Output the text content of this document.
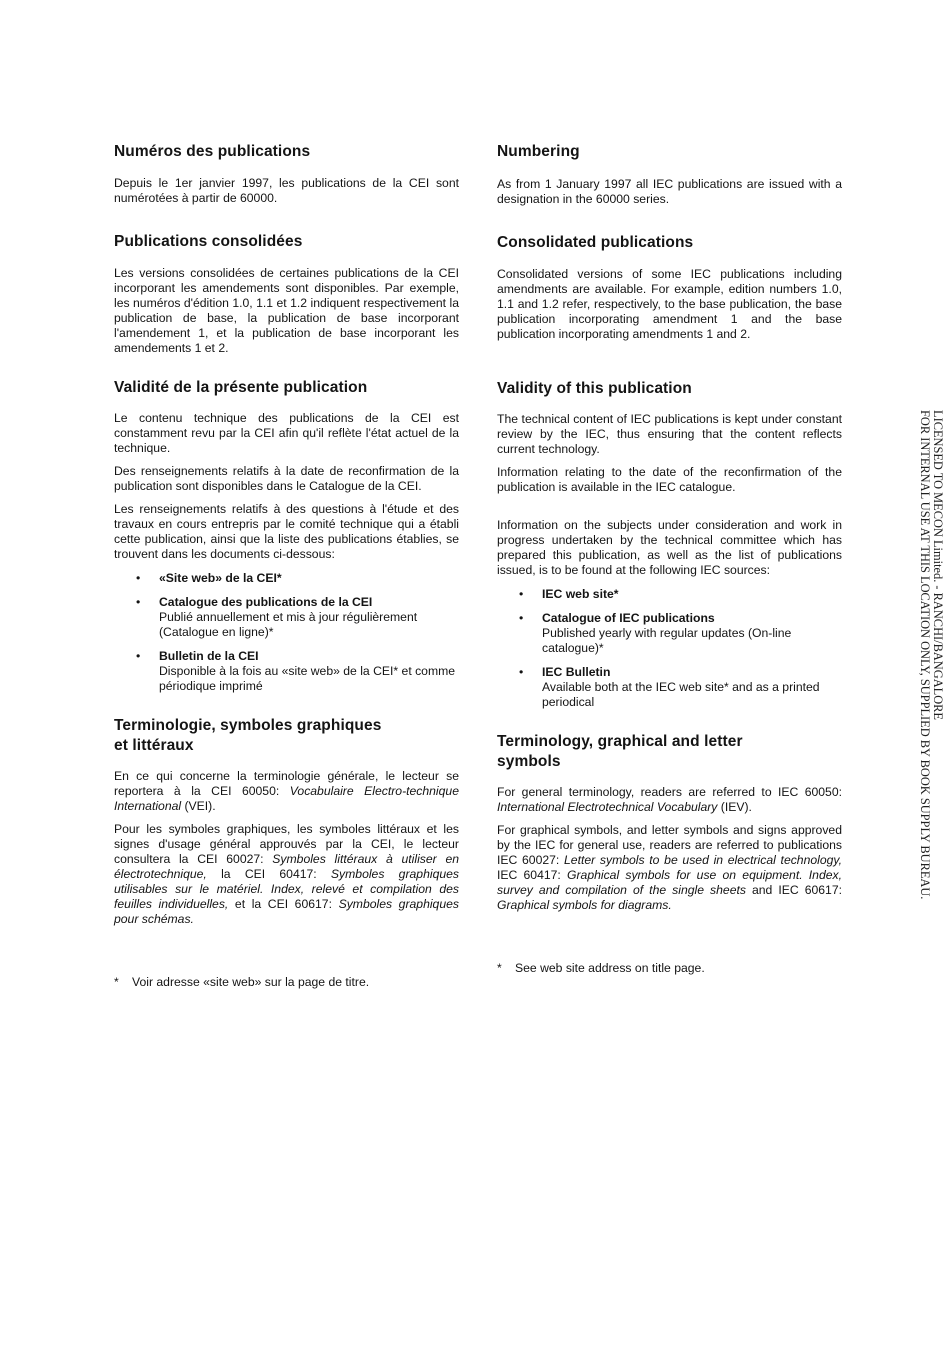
Numéros des publications

Depuis le 1er janvier 1997, les publications de la CEI sont numérotées à partir de 60000.

Publications consolidées

Les versions consolidées de certaines publications de la CEI incorporant les amendements sont disponibles. Par exemple, les numéros d'édition 1.0, 1.1 et 1.2 indiquent respectivement la publication de base, la publication de base incorporant l'amendement 1, et la publication de base incorporant les amendements 1 et 2.

Validité de la présente publication

Le contenu technique des publications de la CEI est constamment revu par la CEI afin qu'il reflète l'état actuel de la technique.

Des renseignements relatifs à la date de reconfirmation de la publication sont disponibles dans le Catalogue de la CEI.

Les renseignements relatifs à des questions à l'étude et des travaux en cours entrepris par le comité technique qui a établi cette publication, ainsi que la liste des publications établies, se trouvent dans les documents ci-dessous:

• «Site web» de la CEI*
• Catalogue des publications de la CEI
Publié annuellement et mis à jour régulièrement (Catalogue en ligne)*
• Bulletin de la CEI
Disponible à la fois au «site web» de la CEI* et comme périodique imprimé
Terminologie, symboles graphiques
et littéraux

En ce qui concerne la terminologie générale, le lecteur se reportera à la CEI 60050: Vocabulaire Electro-technique International (VEI).

Pour les symboles graphiques, les symboles littéraux et les signes d'usage général approuvés par la CEI, le lecteur consultera la CEI 60027: Symboles littéraux à utiliser en électrotechnique, la CEI 60417: Symboles graphiques utilisables sur le matériel. Index, relevé et compilation des feuilles individuelles, et la CEI 60617: Symboles graphiques pour schémas.

* Voir adresse «site web» sur la page de titre.
Numbering

As from 1 January 1997 all IEC publications are issued with a designation in the 60000 series.

Consolidated publications

Consolidated versions of some IEC publications including amendments are available. For example, edition numbers 1.0, 1.1 and 1.2 refer, respectively, to the base publication, the base publication incorporating amendment 1 and the base publication incorporating amendments 1 and 2.

Validity of this publication

The technical content of IEC publications is kept under constant review by the IEC, thus ensuring that the content reflects current technology.

Information relating to the date of the reconfirmation of the publication is available in the IEC catalogue.

Information on the subjects under consideration and work in progress undertaken by the technical committee which has prepared this publication, as well as the list of publications issued, is to be found at the following IEC sources:

• IEC web site*
• Catalogue of IEC publications
Published yearly with regular updates (On-line catalogue)*
• IEC Bulletin
Available both at the IEC web site* and as a printed periodical
Terminology, graphical and letter
symbols

For general terminology, readers are referred to IEC 60050: International Electrotechnical Vocabulary (IEV).

For graphical symbols, and letter symbols and signs approved by the IEC for general use, readers are referred to publications IEC 60027: Letter symbols to be used in electrical technology, IEC 60417: Graphical symbols for use on equipment. Index, survey and compilation of the single sheets and IEC 60617: Graphical symbols for diagrams.

* See web site address on title page.
LICENSED TO MECON Limited. - RANCHI/BANGALORE
FOR INTERNAL USE AT THIS LOCATION ONLY, SUPPLIED BY BOOK SUPPLY BUREAU.
